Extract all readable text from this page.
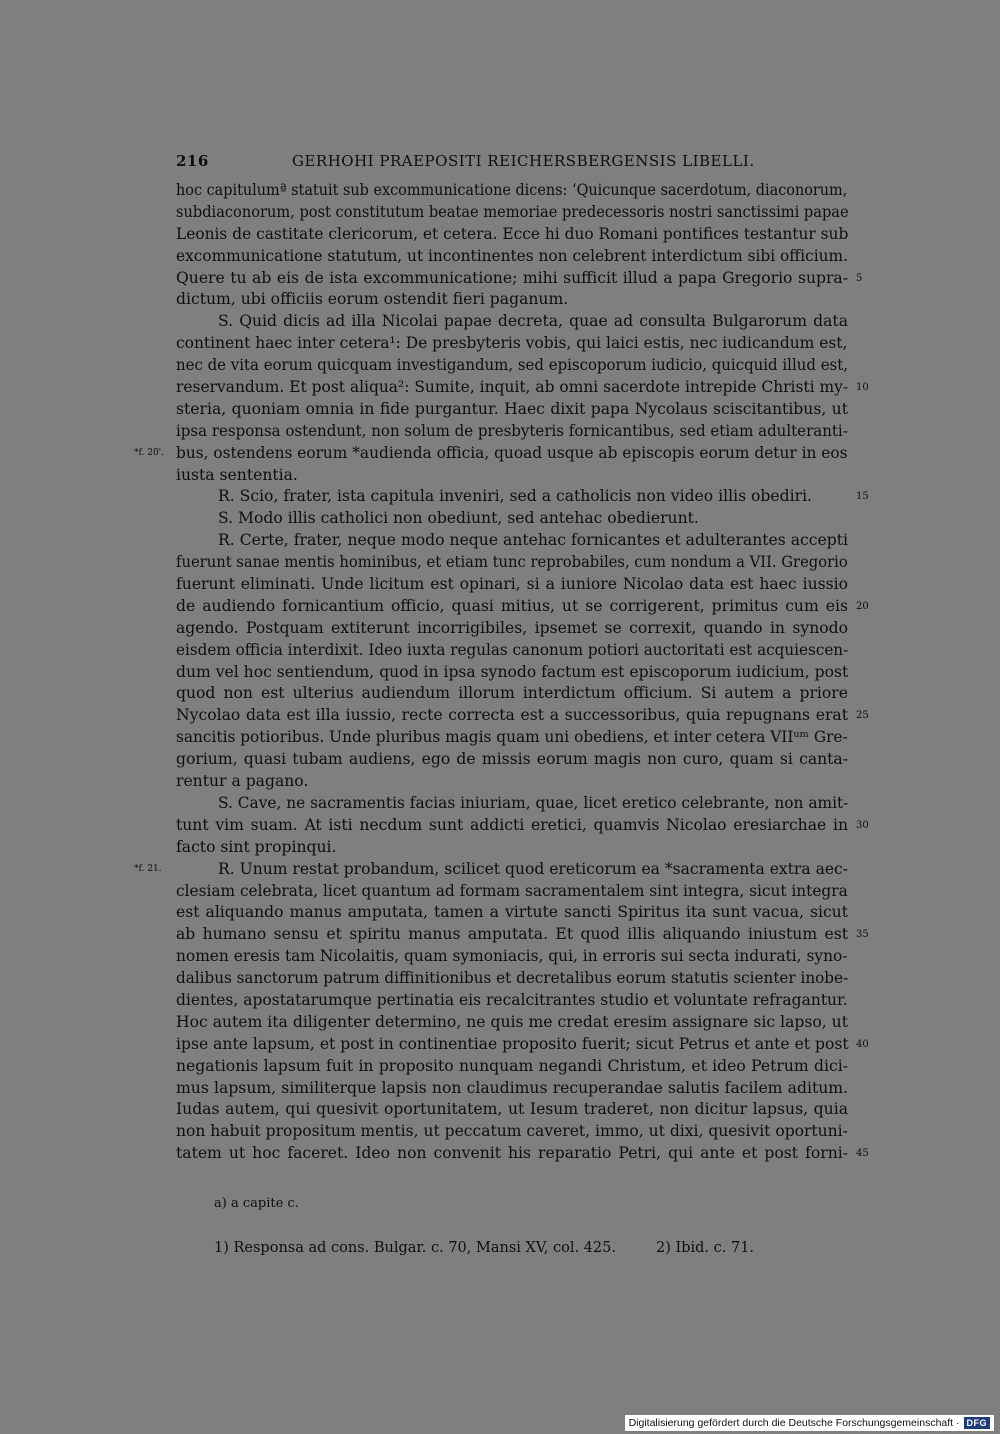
216	GERHOHI PRAEPOSITI REICHERSBERGENSIS LIBELLI.
hoc capitulumª statuit sub excommunicatione dicens: ‘Quicunque sacerdotum, diaconorum,
subdiaconorum, post constitutum beatae memoriae predecessoris nostri sanctissimi papae
Leonis de castitate clericorum, et cetera. Ecce hi duo Romani pontifices testantur sub
excommunicatione statutum, ut incontinentes non celebrent interdictum sibi officium.
Quere tu ab eis de ista excommunicatione; mihi sufficit illud a papa Gregorio supra- 5
dictum, ubi officiis eorum ostendit fieri paganum.
S. Quid dicis ad illa Nicolai papae decreta, quae ad consulta Bulgarorum data
continent haec inter cetera¹: De presbyteris vobis, qui laici estis, nec iudicandum est,
nec de vita eorum quicquam investigandum, sed episcoporum iudicio, quicquid illud est,
reservandum. Et post aliqua²: Sumite, inquit, ab omni sacerdote intrepide Christi my- 10
steria, quoniam omnia in fide purgantur. Haec dixit papa Nycolaus sciscitantibus, ut
ipsa responsa ostendunt, non solum de presbyteris fornicantibus, sed etiam adulteranti-
bus, ostendens eorum *audienda officia, quoad usque ab episcopis eorum detur in eos
*f. 20'.
iusta sententia.
R. Scio, frater, ista capitula inveniri, sed a catholicis non video illis obediri.	15
S. Modo illis catholici non obediunt, sed antehac obedierunt.
R. Certe, frater, neque modo neque antehac fornicantes et adulterantes accepti
fuerunt sanae mentis hominibus, et etiam tunc reprobabiles, cum nondum a VII. Gregorio
fuerunt eliminati. Unde licitum est opinari, si a iuniore Nicolao data est haec iussio
de audiendo fornicantium officio, quasi mitius, ut se corrigerent, primitus cum eis 20
agendo. Postquam extiterunt incorrigibiles, ipsemet se correxit, quando in synodo
eisdem officia interdixit. Ideo iuxta regulas canonum potiori auctoritati est acquiescen-
dum vel hoc sentiendum, quod in ipsa synodo factum est episcoporum iudicium, post
quod non est ulterius audiendum illorum interdictum officium. Si autem a priore
Nycolao data est illa iussio, recte correcta est a successoribus, quia repugnans erat 25
sancitis potioribus. Unde pluribus magis quam uni obediens, et inter cetera VIIᵘᵐ Gre-
gorium, quasi tubam audiens, ego de missis eorum magis non curo, quam si canta-
rentur a pagano.
S. Cave, ne sacramentis facias iniuriam, quae, licet eretico celebrante, non amit-
tunt vim suam. At isti necdum sunt addicti eretici, quamvis Nicolao eresiarchae in 30
facto sint propinqui.
R. Unum restat probandum, scilicet quod ereticorum ea *sacramenta extra aec-
*f. 21.
clesiam celebrata, licet quantum ad formam sacramentalem sint integra, sicut integra
est aliquando manus amputata, tamen a virtute sancti Spiritus ita sunt vacua, sicut
ab humano sensu et spiritu manus amputata. Et quod illis aliquando iniustum est 35
nomen eresis tam Nicolaitis, quam symoniacis, qui, in erroris sui secta indurati, syno-
dalibus sanctorum patrum diffinitionibus et decretalibus eorum statutis scienter inobe-
dientes, apostatarumque pertinatia eis recalcitrantes studio et voluntate refragantur.
Hoc autem ita diligenter determino, ne quis me credat eresim assignare sic lapso, ut
ipse ante lapsum, et post in continentiae proposito fuerit; sicut Petrus et ante et post 40
negationis lapsum fuit in proposito nunquam negandi Christum, et ideo Petrum dici-
mus lapsum, similiterque lapsis non claudimus recuperandae salutis facilem aditum.
Iudas autem, qui quesivit oportunitatem, ut Iesum traderet, non dicitur lapsus, quia
non habuit propositum mentis, ut peccatum caveret, immo, ut dixi, quesivit oportuni-
tatem ut hoc faceret. Ideo non convenit his reparatio Petri, qui ante et post forni- 45
a) a capite c.
1) Responsa ad cons. Bulgar. c. 70, Mansi XV, col. 425.	2) Ibid. c. 71.
Digitalisierung gefördert durch die Deutsche Forschungsgemeinschaft · DFG
